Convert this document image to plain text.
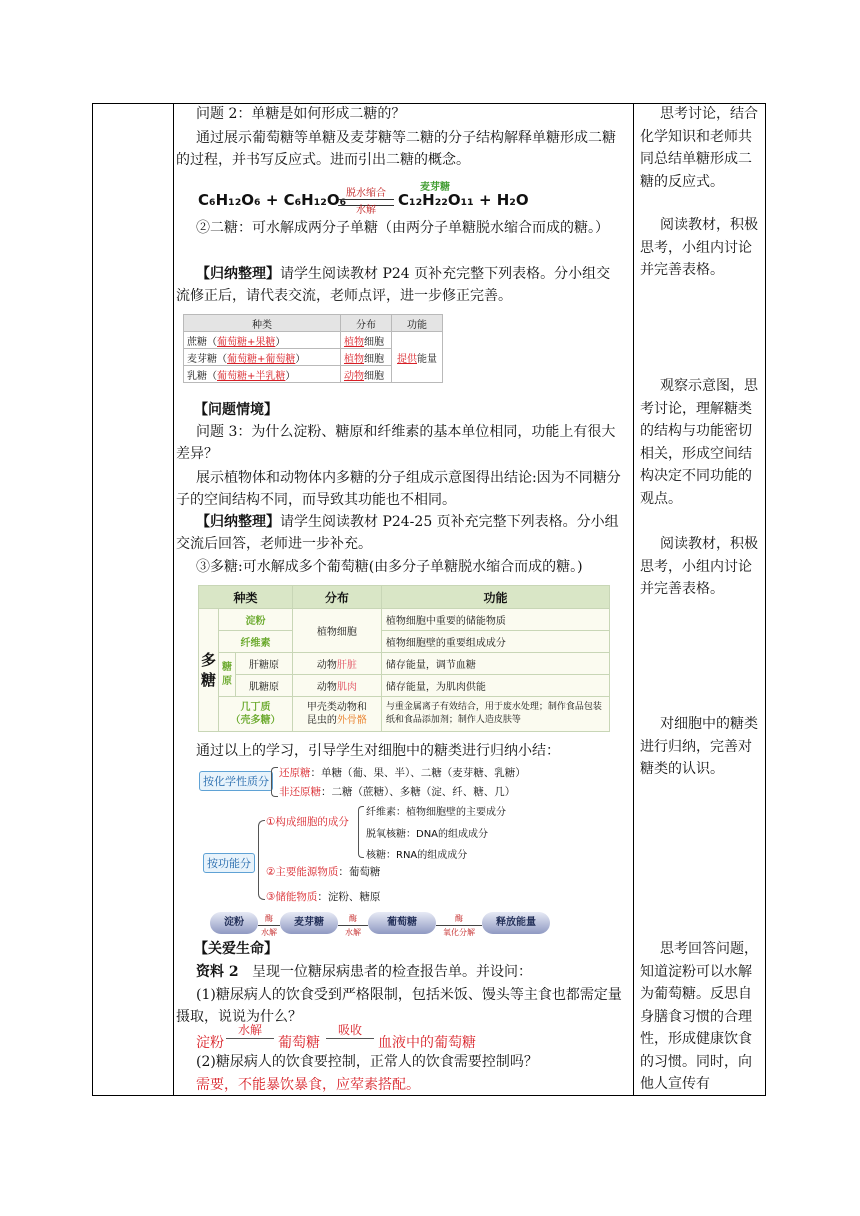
问题 2：单糖是如何形成二糖的？

通过展示葡萄糖等单糖及麦芽糖等二糖的分子结构解释单糖形成二糖的过程，并书写反应式。进而引出二糖的概念。

C₆H₁₂O₆ + C₆H₁₂O₆ 脱水缩合
水解
麦芽糖
C₁₂H₂₂O₁₁ + H₂O

②二糖：可水解成两分子单糖（由两分子单糖脱水缩合而成的糖。）

【归纳整理】请学生阅读教材 P24 页补充完整下列表格。分小组交流修正后，请代表交流，老师点评，进一步修正完善。

种类	分布	功能
蔗糖（葡萄糖+果糖）	植物细胞	提供能量
麦芽糖（葡萄糖+葡萄糖）	植物细胞	
乳糖（葡萄糖+半乳糖）	动物细胞	

【问题情境】

问题 3：为什么淀粉、糖原和纤维素的基本单位相同，功能上有很大差异？

展示植物体和动物体内多糖的分子组成示意图得出结论:因为不同糖分子的空间结构不同，而导致其功能也不相同。

【归纳整理】请学生阅读教材 P24-25 页补充完整下列表格。分小组交流后回答，老师进一步补充。

③多糖:可水解成多个葡萄糖(由多分子单糖脱水缩合而成的糖。)

种类			分布	功能
多糖	淀粉		植物细胞	植物细胞中重要的储能物质
	纤维素			植物细胞壁的重要组成成分
	糖原	肝糖原	动物肝脏	储存能量，调节血糖
		肌糖原	动物肌肉	储存能量，为肌肉供能
	几丁质
（壳多糖）		甲壳类动物和
昆虫的外骨骼	与重金属离子有效结合，用于废水处理；制作食品包装纸和食品添加剂；制作人造皮肤等

通过以上的学习，引导学生对细胞中的糖类进行归纳小结：

按化学性质分
还原糖：单糖（葡、果、半）、二糖（麦芽糖、乳糖）
非还原糖：二糖（蔗糖）、多糖（淀、纤、糖、几）
按功能分
①构成细胞的成分
纤维素：植物细胞壁的主要成分
脱氧核糖：DNA的组成成分
核糖：RNA的组成成分
②主要能源物质：葡萄糖
③储能物质：淀粉、糖原
淀粉	酶
水解
麦芽糖	酶
水解
葡萄糖	酶
氧化分解
释放能量

【关爱生命】

资料 2 呈现一位糖尿病患者的检查报告单。并设问：

(1)糖尿病人的饮食受到严格限制，包括米饭、馒头等主食也都需定量摄取，说说为什么？

淀粉
水解
葡萄糖
吸收
血液中的葡萄糖

(2)糖尿病人的饮食要控制，正常人的饮食需要控制吗？

需要，不能暴饮暴食，应荤素搭配。

思考讨论，结合化学知识和老师共同总结单糖形成二糖的反应式。

阅读教材，积极思考，小组内讨论并完善表格。

观察示意图，思考讨论，理解糖类的结构与功能密切相关，形成空间结构决定不同功能的观点。

阅读教材，积极思考，小组内讨论并完善表格。

对细胞中的糖类进行归纳，完善对糖类的认识。

思考回答问题，知道淀粉可以水解为葡萄糖。反思自身膳食习惯的合理性，形成健康饮食的习惯。同时，向他人宣传有
